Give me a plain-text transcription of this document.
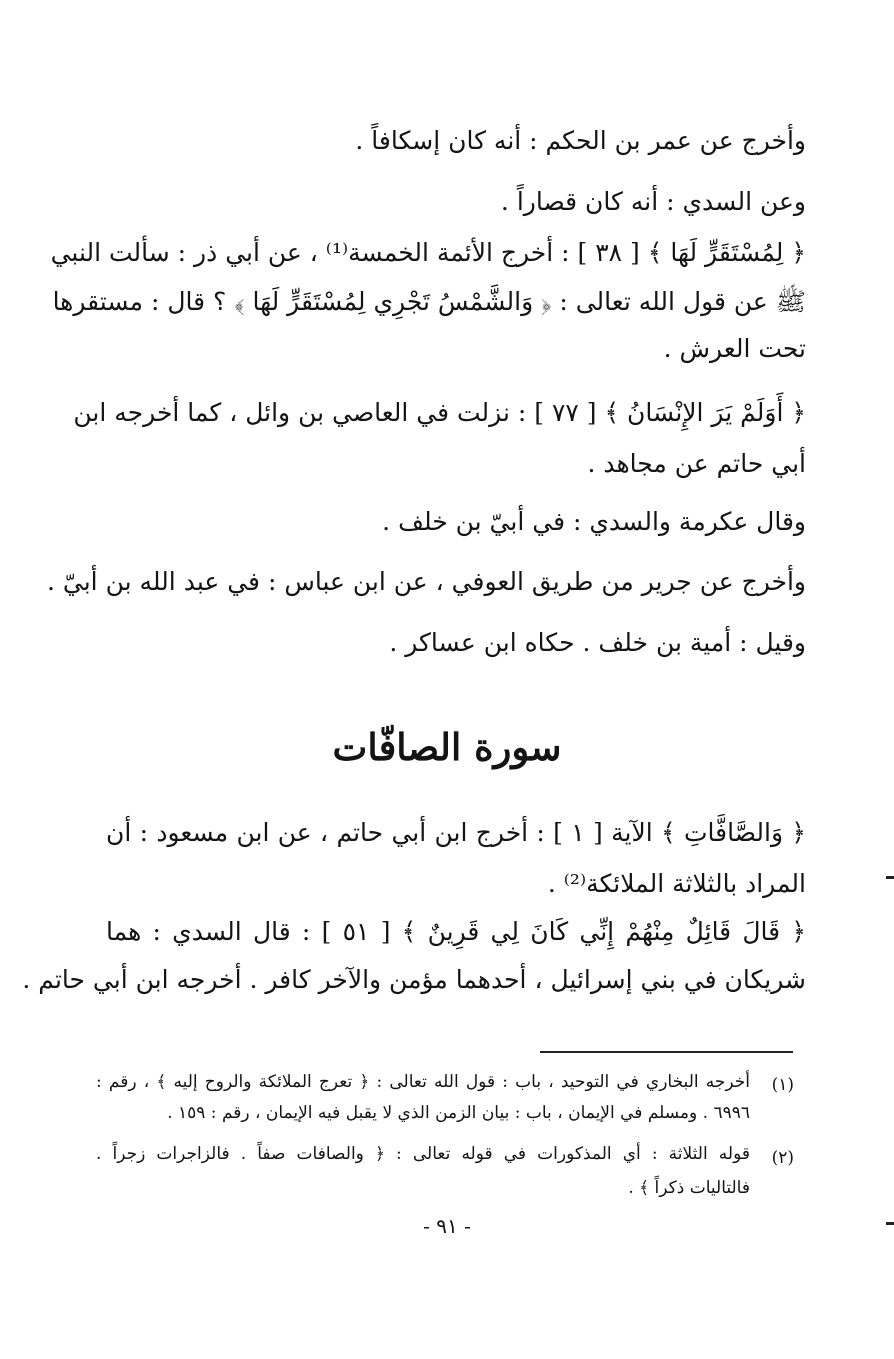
وأخرج عن عمر بن الحكم : أنه كان إسكافاً .
وعن السدي : أنه كان قصاراً .
﴿ لِمُسْتَقَرٍّ لَهَا ﴾ [ ٣٨ ] : أخرج الأئمة الخمسة⁽¹⁾ ، عن أبي ذر : سألت النبي
ﷺ عن قول الله تعالى : ﴿ وَالشَّمْسُ تَجْرِي لِمُسْتَقَرٍّ لَهَا ﴾ ؟ قال : مستقرها
تحت العرش .
﴿ أَوَلَمْ يَرَ الإِنْسَانُ ﴾ [ ٧٧ ] : نزلت في العاصي بن وائل ، كما أخرجه ابن
أبي حاتم عن مجاهد .
وقال عكرمة والسدي : في أبيّ بن خلف .
وأخرج عن جرير من طريق العوفي ، عن ابن عباس : في عبد الله بن أبيّ .
وقيل : أمية بن خلف . حكاه ابن عساكر .
سورة الصافّات
﴿ وَالصَّافَّاتِ ﴾ الآية [ ١ ] : أخرج ابن أبي حاتم ، عن ابن مسعود : أن
المراد بالثلاثة الملائكة⁽²⁾ .
﴿ قَالَ قَائِلٌ مِنْهُمْ إِنِّي كَانَ لِي قَرِينٌ ﴾ [ ٥١ ] : قال السدي : هما
شريكان في بني إسرائيل ، أحدهما مؤمن والآخر كافر . أخرجه ابن أبي حاتم .
(١)
أخرجه البخاري في التوحيد ، باب : قول الله تعالى : ﴿ تعرج الملائكة والروح إليه ﴾ ، رقم :
٦٩٩٦ . ومسلم في الإيمان ، باب : بيان الزمن الذي لا يقبل فيه الإيمان ، رقم : ١٥٩ .
(٢)
قوله الثلاثة : أي المذكورات في قوله تعالى : ﴿ والصافات صفاً . فالزاجرات زجراً .
فالتاليات ذكراً ﴾ .
- ٩١ -
